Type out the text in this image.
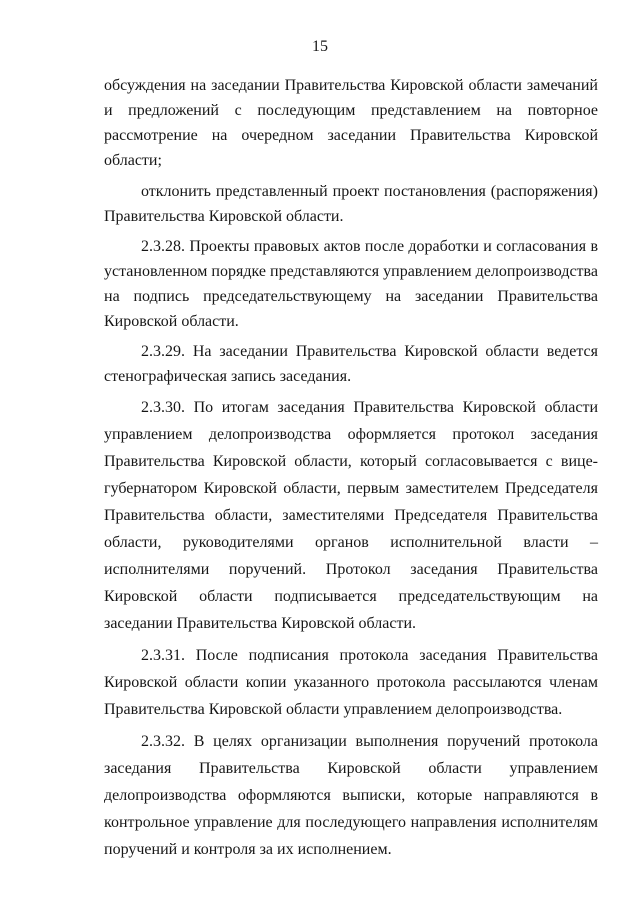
15

обсуждения на заседании Правительства Кировской области замечаний и предложений с последующим представлением на повторное рассмотрение на очередном заседании Правительства Кировской области;

отклонить представленный проект постановления (распоряжения) Правительства Кировской области.

2.3.28. Проекты правовых актов после доработки и согласования в установленном порядке представляются управлением делопроизводства на подпись председательствующему на заседании Правительства Кировской области.

2.3.29. На заседании Правительства Кировской области ведется стенографическая запись заседания.

2.3.30. По итогам заседания Правительства Кировской области управлением делопроизводства оформляется протокол заседания Правительства Кировской области, который согласовывается с вице-губернатором Кировской области, первым заместителем Председателя Правительства области, заместителями Председателя Правительства области, руководителями органов исполнительной власти – исполнителями поручений. Протокол заседания Правительства Кировской области подписывается председательствующим на заседании Правительства Кировской области.

2.3.31. После подписания протокола заседания Правительства Кировской области копии указанного протокола рассылаются членам Правительства Кировской области управлением делопроизводства.

2.3.32. В целях организации выполнения поручений протокола заседания Правительства Кировской области управлением делопроизводства оформляются выписки, которые направляются в контрольное управление для последующего направления исполнителям поручений и контроля за их исполнением.
